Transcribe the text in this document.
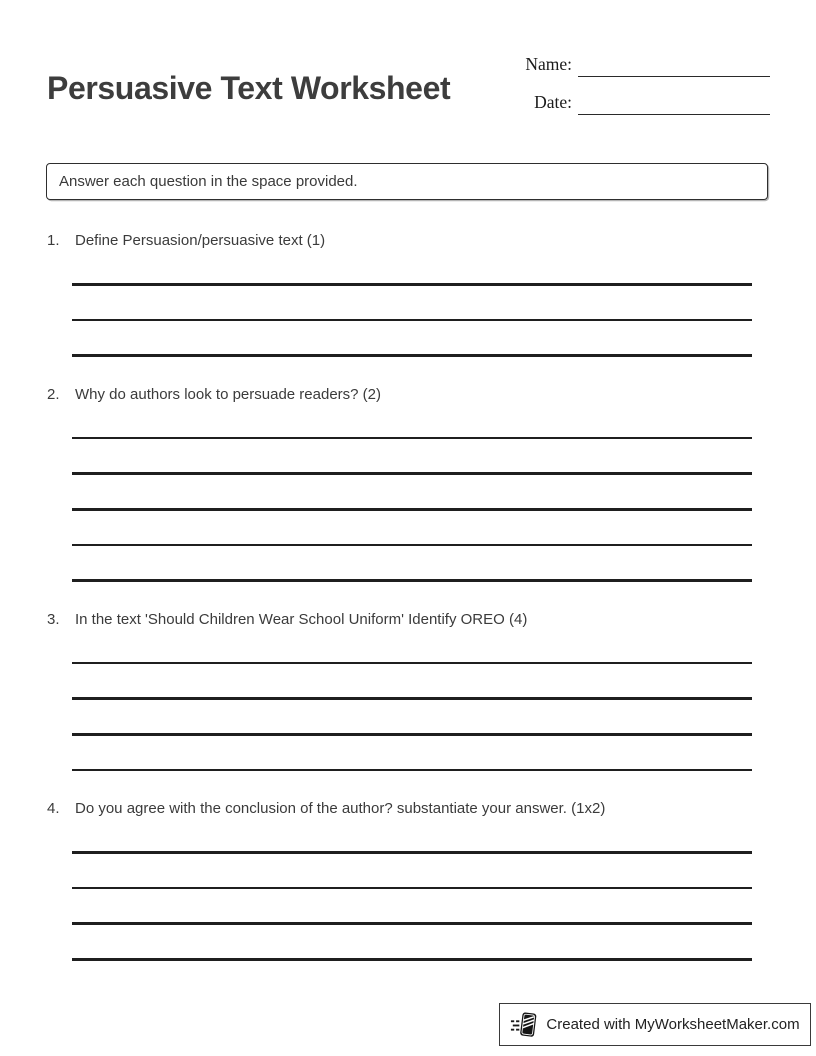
Persuasive Text Worksheet
Name:
Date:
Answer each question in the space provided.
1.	Define Persuasion/persuasive text (1)
2.	Why do authors look to persuade readers? (2)
3.	In the text 'Should Children Wear School Uniform' Identify OREO (4)
4.	Do you agree with the conclusion of the author? substantiate your answer. (1x2)
Created with MyWorksheetMaker.com
